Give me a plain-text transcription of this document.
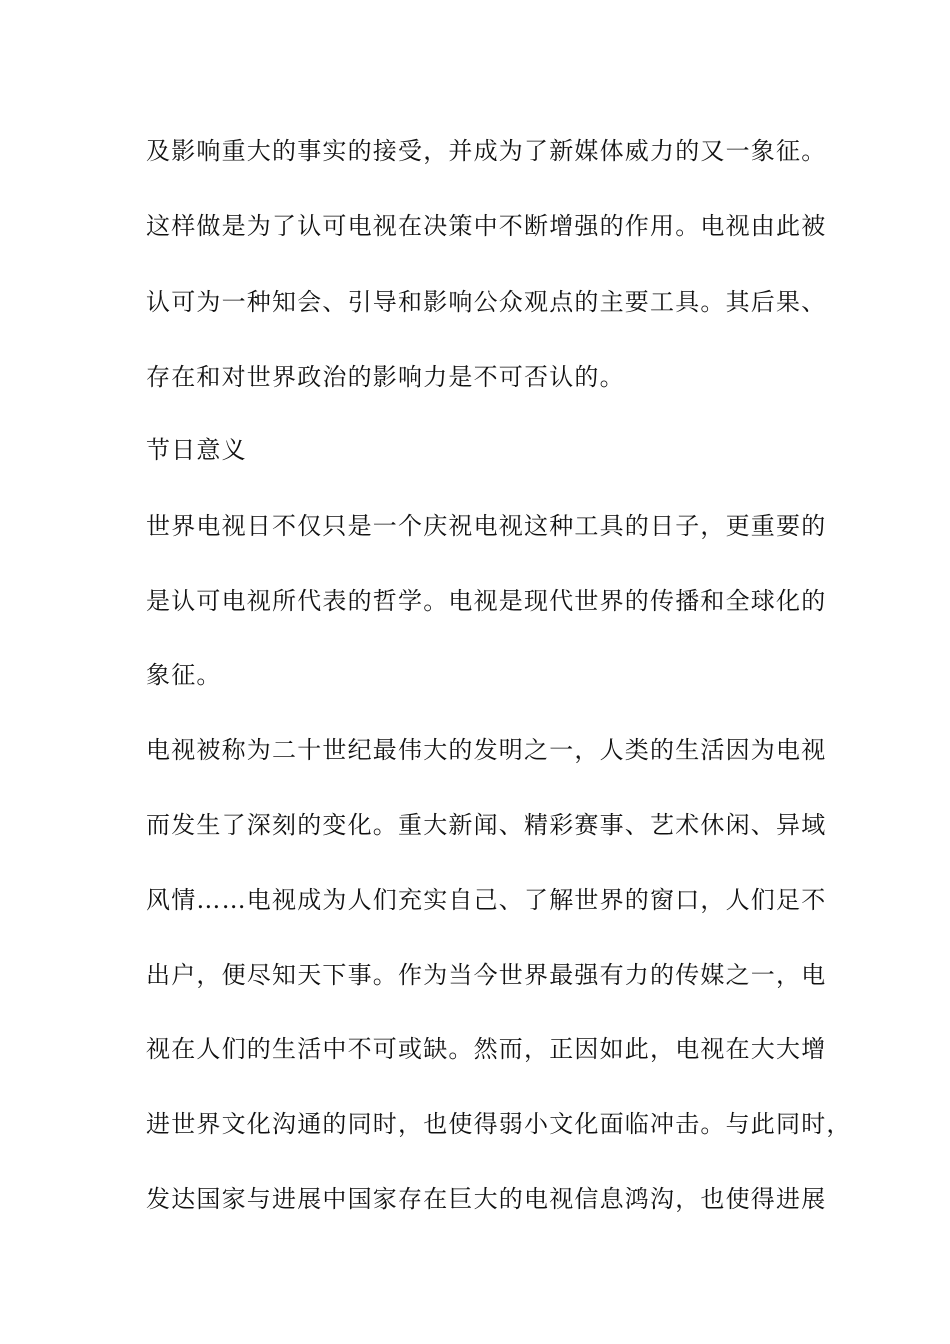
及影响重大的事实的接受，并成为了新媒体威力的又一象征。
这样做是为了认可电视在决策中不断增强的作用。电视由此被
认可为一种知会、引导和影响公众观点的主要工具。其后果、
存在和对世界政治的影响力是不可否认的。
节日意义
世界电视日不仅只是一个庆祝电视这种工具的日子，更重要的
是认可电视所代表的哲学。电视是现代世界的传播和全球化的
象征。
电视被称为二十世纪最伟大的发明之一，人类的生活因为电视
而发生了深刻的变化。重大新闻、精彩赛事、艺术休闲、异域
风情……电视成为人们充实自己、了解世界的窗口，人们足不
出户，便尽知天下事。作为当今世界最强有力的传媒之一，电
视在人们的生活中不可或缺。然而，正因如此，电视在大大增
进世界文化沟通的同时，也使得弱小文化面临冲击。与此同时，
发达国家与进展中国家存在巨大的电视信息鸿沟，也使得进展
